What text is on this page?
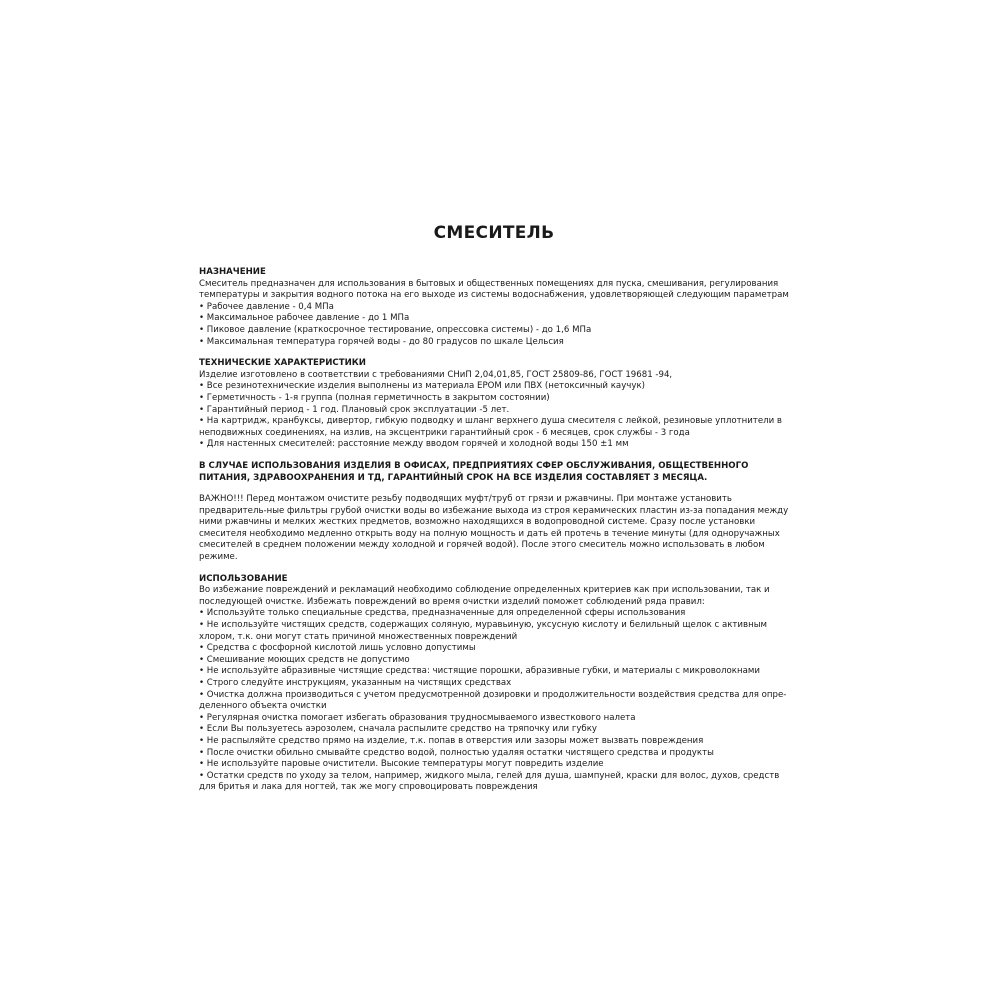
СМЕСИТЕЛЬ
НАЗНАЧЕНИЕ
Смеситель предназначен для использования в бытовых и общественных помещениях для пуска, смешивания, регулирования температуры и закрытия водного потока на его выходе из системы водоснабжения, удовлетворяющей следующим параметрам
• Рабочее давление - 0,4 МПа
• Максимальное рабочее давление - до 1 МПа
• Пиковое давление (краткосрочное тестирование, опрессовка системы) - до 1,6 МПа
• Максимальная температура горячей воды - до 80 градусов по шкале Цельсия
ТЕХНИЧЕСКИЕ ХАРАКТЕРИСТИКИ
Изделие изготовлено в соответствии с требованиями СНиП 2,04,01,85, ГОСТ 25809-86, ГОСТ 19681 -94,
• Все резинотехнические изделия выполнены из материала EPOM или ПВХ (нетоксичный каучук)
• Герметичность - 1-я группа (полная герметичность в закрытом состоянии)
• Гарантийный период - 1 год. Плановый срок эксплуатации -5 лет.
• На картридж, кранбуксы, дивертор, гибкую подводку и шланг верхнего душа смесителя с лейкой, резиновые уплотнители в неподвижных соединениях, на излив, на эксцентрики гарантийный срок - 6 месяцев, срок службы - 3 года
• Для настенных смесителей: расстояние между вводом горячей и холодной воды 150 ±1 мм
В СЛУЧАЕ ИСПОЛЬЗОВАНИЯ ИЗДЕЛИЯ В ОФИСАХ, ПРЕДПРИЯТИЯХ СФЕР ОБСЛУЖИВАНИЯ, ОБЩЕСТВЕННОГО ПИТАНИЯ, ЗДРАВООХРАНЕНИЯ И ТД, ГАРАНТИЙНЫЙ СРОК НА ВСЕ ИЗДЕЛИЯ СОСТАВЛЯЕТ 3 МЕСЯЦА.
ВАЖНО!!! Перед монтажом очистите резьбу подводящих муфт/труб от грязи и ржавчины. При монтаже установить предваритель-ные фильтры грубой очистки воды во избежание выхода из строя керамических пластин из-за попадания между ними ржавчины и мелких жестких предметов, возможно находящихся в водопроводной системе. Сразу после установки смесителя необходимо медленно открыть воду на полную мощность и дать ей протечь в течение минуты (для одноручажных смесителей в среднем положении между холодной и горячей водой). После этого смеситель можно использовать в любом режиме.
ИСПОЛЬЗОВАНИЕ
Во избежание повреждений и рекламаций необходимо соблюдение определенных критериев как при использовании, так и последующей очистке. Избежать повреждений во время очистки изделий поможет соблюдений ряда правил:
• Используйте только специальные средства, предназначенные для определенной сферы использования
• Не используйте чистящих средств, содержащих соляную, муравьиную, уксусную кислоту и белильный щелок с активным хлором, т.к. они могут стать причиной множественных повреждений
• Средства с фосфорной кислотой лишь условно допустимы
• Смешивание моющих средств не допустимо
• Не используйте абразивные чистящие средства: чистящие порошки, абразивные губки, и материалы с микроволокнами
• Строго следуйте инструкциям, указанным на чистящих средствах
• Очистка должна производиться с учетом предусмотренной дозировки и продолжительности воздействия средства для опре-деленного объекта очистки
• Регулярная очистка помогает избегать образования трудносмываемого известкового налета
• Если Вы пользуетесь аэрозолем, сначала распылите средство на тряпочку или губку
• Не распыляйте средство прямо на изделие, т.к. попав в отверстия или зазоры может вызвать повреждения
• После очистки обильно смывайте средство водой, полностью удаляя остатки чистящего средства и продукты
• Не используйте паровые очистители. Высокие температуры могут повредить изделие
• Остатки средств по уходу за телом, например, жидкого мыла, гелей для душа, шампуней, краски для волос, духов, средств для бритья и лака для ногтей, так же могу спровоцировать повреждения
